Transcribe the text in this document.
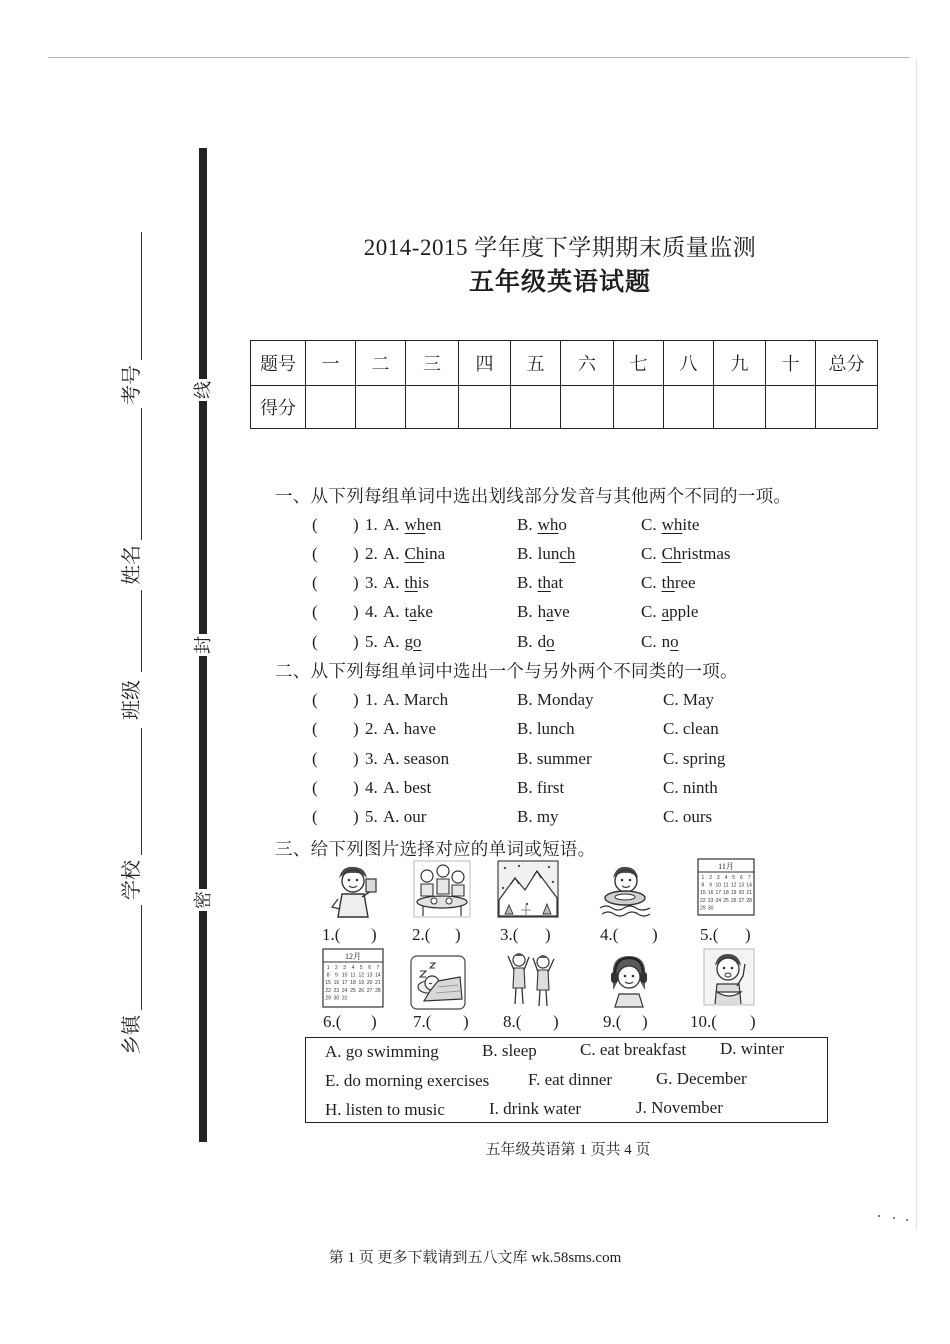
线
封
密
考号
姓名
班级
学校
乡镇
2014-2015 学年度下学期期末质量监测
五年级英语试题
题号	一	二	三	四	五	六	七	八	九	十	总分
得分											
一、从下列每组单词中选出划线部分发音与其他两个不同的一项。
二、从下列每组单词中选出一个与另外两个不同类的一项。
三、给下列图片选择对应的单词或短语。
11月
1 2 3 4 5 6 7
8 9 10 11 12 13 14
15 16 17 18 19 20 21
22 23 24 25 26 27 28
29 30
12月
1 2 3 4 5 6 7
8 9 10 11 12 13 14
15 16 17 18 19 20 21
22 23 24 25 26 27 28
29 30 31
A. go swimming	B. sleep	C. eat breakfast D. winter
E. do morning exercises F. eat dinner	G. December
H. listen to music	I. drink water	J. November
五年级英语第 1 页共 4 页
第 1 页 更多下载请到五八文库 wk.58sms.com
( ) 1. A. when	B. who	C. white
( ) 2. A. China	B. lunch	C. Christmas
( ) 3. A. this	B. that	C. three
( ) 4. A. take	B. have	C. apple
( ) 5. A. go	B. do	C. no
( ) 1. A. March	B. Monday	C. May
( ) 2. A. have	B. lunch	C. clean
( ) 3. A. season	B. summer	C. spring
( ) 4. A. best	B. first	C. ninth
( ) 5. A. our	B. my	C. ours
1.( ) 2.( ) 3.( )	4.( ) 5.( )
6.( ) 7.( ) 8.( )	9.( ) 10.( )
